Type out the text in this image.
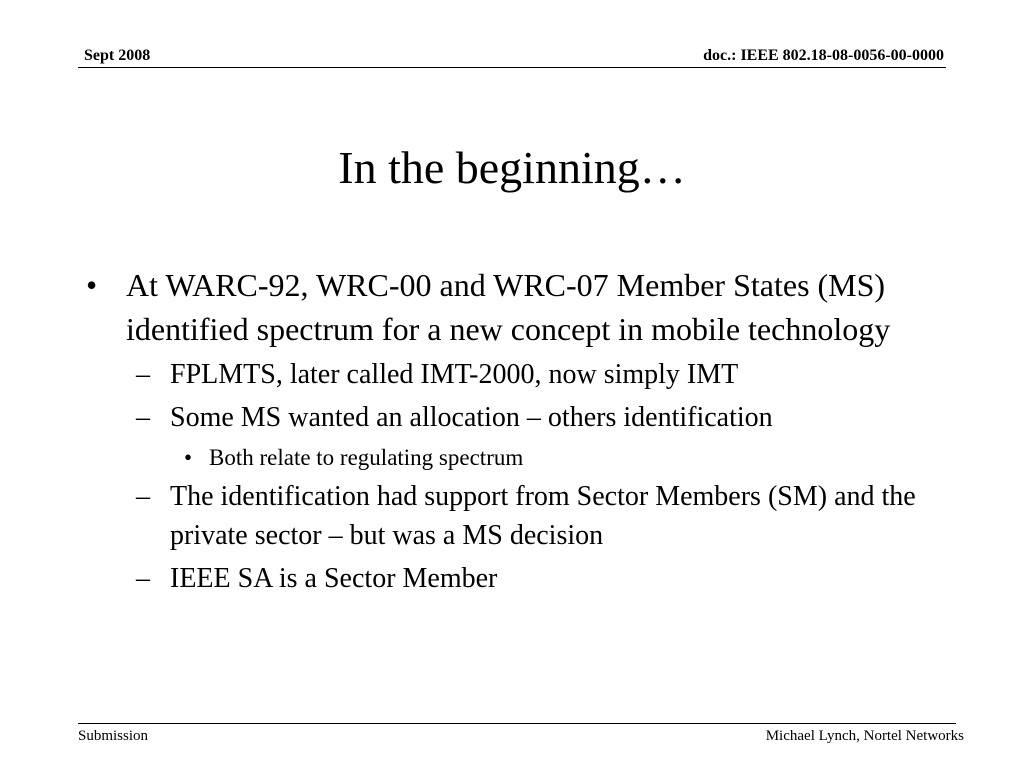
Sept 2008	doc.: IEEE 802.18-08-0056-00-0000
In the beginning…
• At WARC-92, WRC-00 and WRC-07 Member States (MS) identified spectrum for a new concept in mobile technology
– FPLMTS, later called IMT-2000, now simply IMT
– Some MS wanted an allocation – others identification
• Both relate to regulating spectrum
– The identification had support from Sector Members (SM) and the private sector – but was a MS decision
– IEEE SA is a Sector Member
Submission	Michael Lynch, Nortel Networks
